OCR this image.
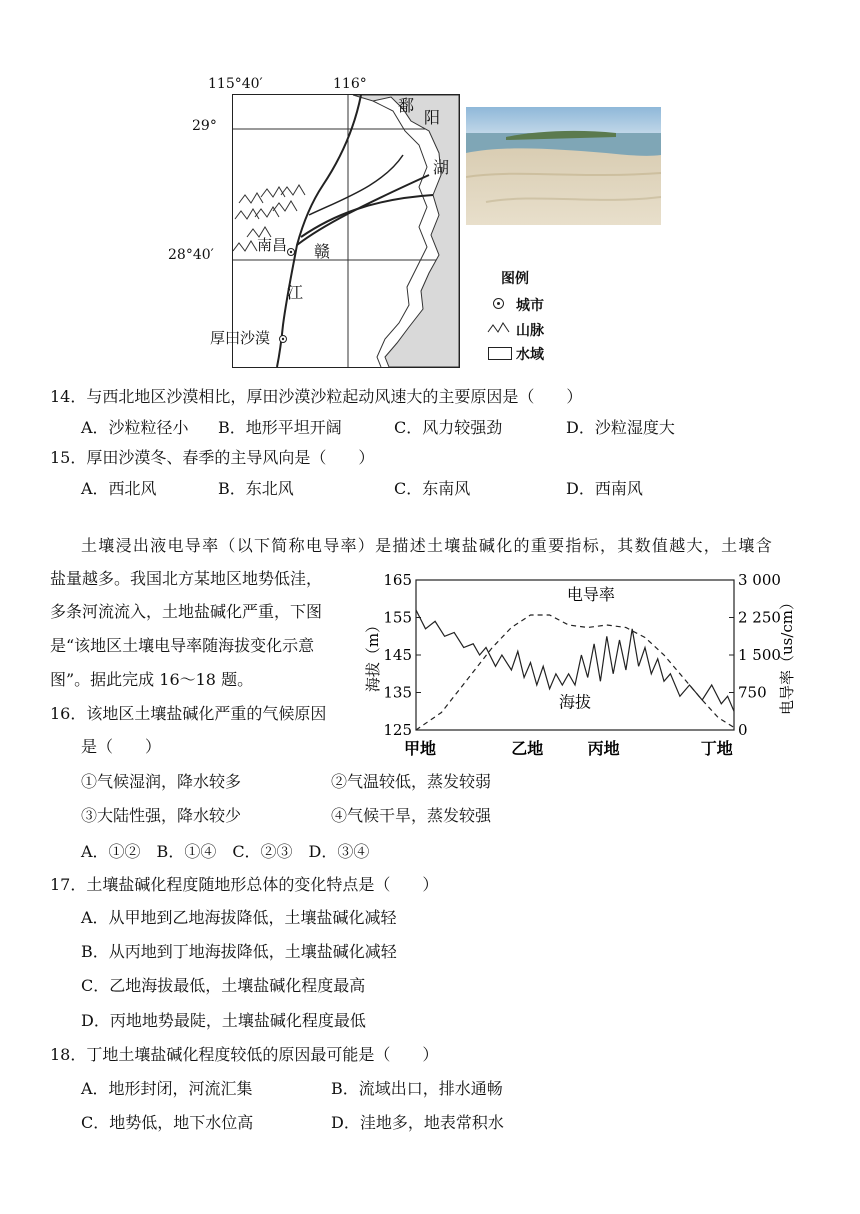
115°40′	116°
29°
28°40′
鄱
阳
湖
南昌 赣
江
厚田沙漠
图例
城市
山脉
水域
14．与西北地区沙漠相比，厚田沙漠沙粒起动风速大的主要原因是（　　）
A．沙粒粒径小 B．地形平坦开阔	C．风力较强劲	D．沙粒湿度大
15．厚田沙漠冬、春季的主导风向是（　　）
A．西北风	B．东北风	C．东南风	D．西南风
土壤浸出液电导率（以下简称电导率）是描述土壤盐碱化的重要指标，其数值越大，土壤含
盐量越多。我国北方某地区地势低洼，
多条河流流入，土地盐碱化严重，下图
是“该地区土壤电导率随海拔变化示意
图”。据此完成 16～18 题。
165
155
145
135
125
3 000
2 250
1 500
750
0
海拔（m）	电导率（us/cm）
甲地	乙地	丙地	丁地
电导率
海拔
16．该地区土壤盐碱化严重的气候原因
是（　　）
①气候湿润，降水较多	②气温较低，蒸发较弱
③大陆性强，降水较少	④气候干旱，蒸发较强
A．①②　B．①④　C．②③　D．③④
17．土壤盐碱化程度随地形总体的变化特点是（　　）
A．从甲地到乙地海拔降低，土壤盐碱化减轻
B．从丙地到丁地海拔降低，土壤盐碱化减轻
C．乙地海拔最低，土壤盐碱化程度最高
D．丙地地势最陡，土壤盐碱化程度最低
18．丁地土壤盐碱化程度较低的原因最可能是（　　）
A．地形封闭，河流汇集	B．流域出口，排水通畅
C．地势低，地下水位高	D．洼地多，地表常积水
